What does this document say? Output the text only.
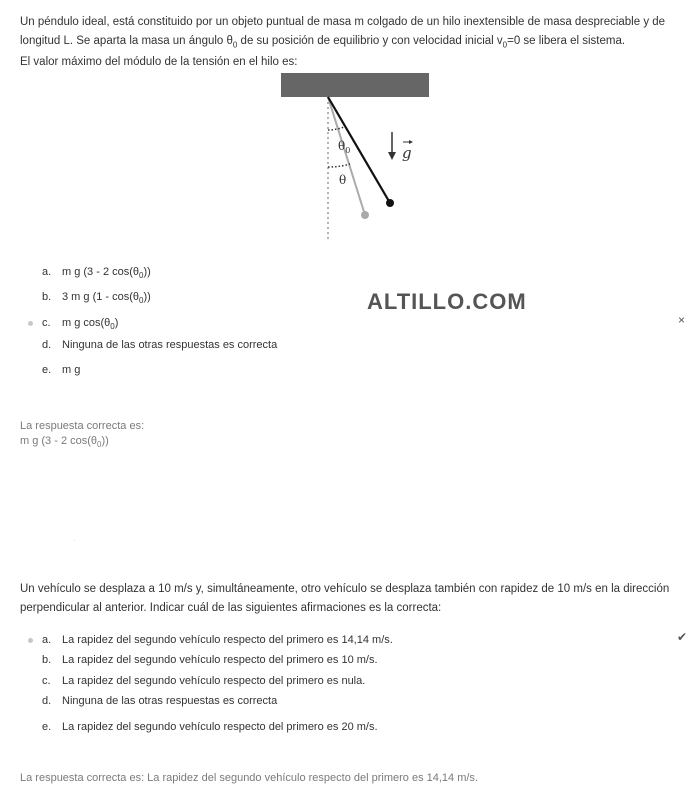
Un péndulo ideal, está constituido por un objeto puntual de masa m colgado de un hilo inextensible de masa despreciable y de

longitud L. Se aparta la masa un ángulo $\theta_0$ de su posición de equilibrio y con velocidad inicial $v_0=0$ se libera el sistema.

El valor máximo del módulo de la tensión en el hilo es:
$\theta_0$
θ
g
a. m g (3 - 2 $\cos(\theta_0)$)
b. 3 m g $(1 - \cos(\theta_0))$
c. m g $\cos(\theta_0)$
d. Ninguna de las otras respuestas es correcta
e. m g
ALTILLO.COM
×

La respuesta correcta es:

m g (3 - 2 $\cos(\theta_0)$)

Un vehículo se desplaza a 10 m/s y, simultáneamente, otro vehículo se desplaza también con rapidez de 10 m/s en la dirección

perpendicular al anterior. Indicar cuál de las siguientes afirmaciones es la correcta:

a. La rapidez del segundo vehículo respecto del primero es 14,14 m/s.
b. La rapidez del segundo vehículo respecto del primero es 10 m/s.
c. La rapidez del segundo vehículo respecto del primero es nula.
d. Ninguna de las otras respuestas es correcta
e. La rapidez del segundo vehículo respecto del primero es 20 m/s.
✔
La respuesta correcta es: La rapidez del segundo vehículo respecto del primero es 14,14 m/s.
